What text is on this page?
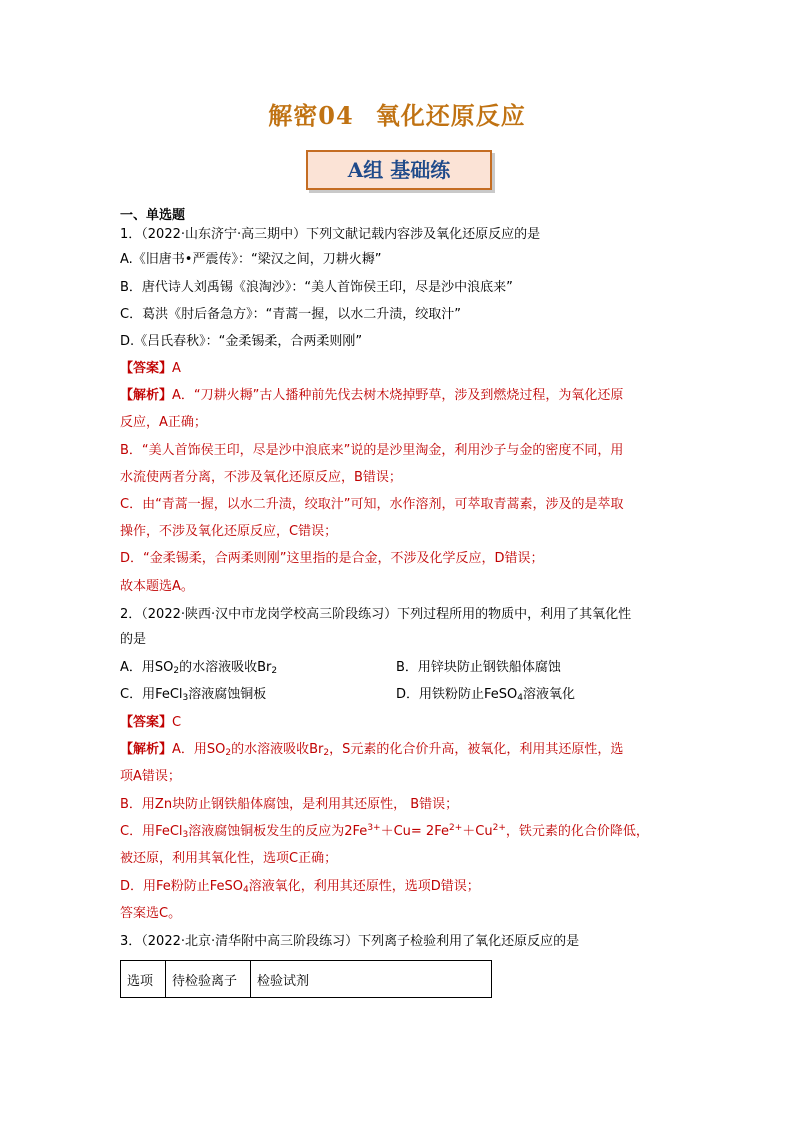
解密04 氧化还原反应
A组 基础练
一、单选题
1．（2022·山东济宁·高三期中）下列文献记载内容涉及氧化还原反应的是
A.《旧唐书•严震传》：“梁汉之间，刀耕火耨”
B．唐代诗人刘禹锡《浪淘沙》：“美人首饰侯王印，尽是沙中浪底来”
C．葛洪《肘后备急方》：“青蒿一握，以水二升渍，绞取汁”
D.《吕氏春秋》：“金柔锡柔，合两柔则刚”
【答案】A
【解析】A．“刀耕火耨”古人播种前先伐去树木烧掉野草，涉及到燃烧过程，为氧化还原
反应，A正确；
B．“美人首饰侯王印，尽是沙中浪底来”说的是沙里淘金，利用沙子与金的密度不同，用
水流使两者分离，不涉及氧化还原反应，B错误；
C．由“青蒿一握，以水二升渍，绞取汁”可知，水作溶剂，可萃取青蒿素，涉及的是萃取
操作，不涉及氧化还原反应，C错误；
D．“金柔锡柔，合两柔则刚”这里指的是合金，不涉及化学反应，D错误；
故本题选A。
2．（2022·陕西·汉中市龙岗学校高三阶段练习）下列过程所用的物质中，利用了其氧化性
的是
A．用$SO_2$的水溶液吸收$Br_2$	B．用锌块防止钢铁船体腐蚀
C．用FeCl$_3$溶液腐蚀铜板	D．用铁粉防止FeSO$_4$溶液氧化
【答案】C
【解析】A．用$SO_2$的水溶液吸收$Br_2$，S元素的化合价升高，被氧化，利用其还原性，选
项A错误；
B．用Zn块防止钢铁船体腐蚀，是利用其还原性， B错误；
C．用FeCl$_3$溶液腐蚀铜板发生的反应为$2Fe^{3+}+Cu= 2Fe^{2+}+Cu^{2+}$，铁元素的化合价降低，
被还原，利用其氧化性，选项C正确；
D．用Fe粉防止FeSO$_4$溶液氧化，利用其还原性，选项D错误；
答案选C。
3．（2022·北京·清华附中高三阶段练习）下列离子检验利用了氧化还原反应的是
选项	待检验离子	检验试剂
